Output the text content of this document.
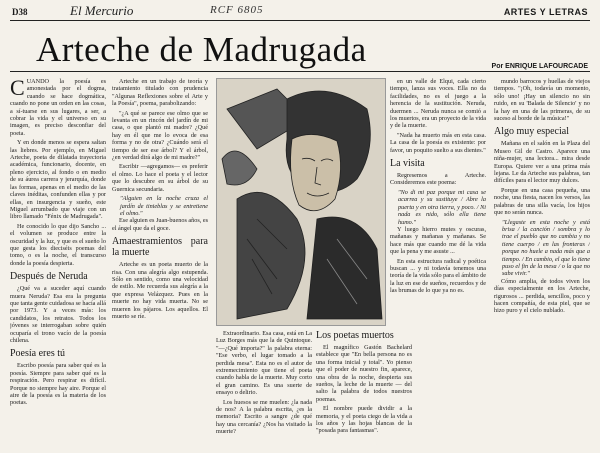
D38	El Mercurio	RCF 6805	ARTES Y LETRAS
Arteche de Madrugada	Por ENRIQUE LAFOURCADE

CUANDO la poesía es amonestada por el dogma, cuando se hace dogmática, cuando no pone un orden en las cosas, a sí-tuarse en sus lugares, a ser, a cobrar la vida y el universo en su imagen, es preciso desconfiar del poeta.

Y en donde menos se espera saltan las liebres. Por ejemplo, en Miguel Arteche, poeta de dilatada trayectoria académica, funcionario, docente, en pleno ejercicio, al fondo o en medio de su áurea carrera y jerarquía, donde las formas, apenas en el medio de las claves inéditas, confunden ellas y por ellas, en insurgencia y sueño, este Miguel arrumbado que viaje con un libro llamado "Fénix de Madrugada".

He conocido lo que dijo Sancho ... el volumen se produce entre la oscuridad y la luz, y que es el sueño lo que gesta los dieciséis poemas del tomo, o es la noche, el transcurso donde la poesía despierta.

Después de Neruda

¿Qué va a suceder aquí cuando muera Neruda? Esa era la pregunta que tanta gente cuidadosa se hacía allá por 1973. Y a veces más: los candidatos, los retratos. Todos los jóvenes se interrogaban sobre quién ocuparía el trono vacío de la poesía chilena.

Poesía eres tú

Escribo poesía para saber qué es la poesía. Siempre para saber qué es la respiración. Pero respirar es difícil. Porque no siempre hay aire. Porque el aire de la poesía es la materia de los poetas.

Arteche en un trabajo de teoría y tratamiento titulado con prudencia "Algunas Reflexiones sobre el Arte y la Poesía", poema, parabolizando:

"¿A qué se parece ese olmo que se levanta en un rincón del jardín de mi casa, o que plantó mi madre? ¿Qué hay en él que me lo evoca de esa forma y no de otra? ¿Cuándo será el tiempo de ser ese árbol? Y el árbol, ¿en verdad dirá algo de mi madre?"

Escribir —agregamos— es preferir el olmo. Lo hace el poeta y el lector que lo descubre en su árbol de su Guernica secundaria.

"Alguien en la noche cruza el jardín de tinieblas y se entretiene el olmo."

Ese alguien es Juan-buenos años, es el ángel que da el goce.

Amaestramientos para la muerte

Arteche es un poeta muerto de la risa. Con una alegría algo estupenda. Sólo en sentido, como una velocidad de estilo. Me recuerda sus alegría a la que expresa Velázquez. Pues en la muerte no hay vida muerta. No se mueren los pájaros. Los aquellos. El muerto se ríe.

Extraordinario. Esa casa, está en La Luz Borges más que la de Quintoque. "—¿Qué importa?" la palabra eterna: "Ese verbo, el lugar tomado a la perdida mesa". Esta no es el autor de extremecimiento que tiene el poeta cuando habla de la muerte. Muy corto el gran camino. Es una suerte de ensayo o delirio.

Los huesos se me muelen: ¿la nada de nos? A la palabra escrita, ¿es la memoria? Escrito a sangre ¿de qué hay una cercanía? ¿Nos ha visitado la muerte?

Los poetas muertos

El magnífico Gastón Bachelard establece que "En bella persona no es una forma inicial y total". Yo pienso que el poder de nuestro fin, aparece, una obra de la noche, despierta sus sueños, la leche de la muerte — del salto la palabra de todos nuestros poemas.

El nombre puede dividir a la memoria, y el poeta ciego de la vida a los años y las hojas blancas de la "posada para fantasmas".

en un valle de Elqui, cada cierto tiempo, lanza sus voces. Ella no da facilidades, no es el juego a la herencia de la sustitución. Neruda, duermen ... Neruda nunca se comió a los muertos, era un proyecto de la vida y de la muerte.

"Nada ha muerto más en esta casa. La casa de la poesía es existente: por favor, un poquito suelto a sus dientes."

La visita

Regresemos a Arteche. Consideremos este poema:

"No di mi paz porque mi casa se acarrea y su sustituye / Abre la puerta y en otra tierra, y poco. / Ni nada es nido, sólo ella tiene humo."

Y luego hierro mutes y oscuras, mañanas y mañanas y mañanas. Se hace más que cuando me dé la vida que la pena y me asuste ...

En esta estructura radical y poética buscan ... y ni todavía tenemos una teoría de la vida sólo para el ámbito de la luz en ese de sueños, recuerdos y de las brumas de lo que ya no es.

mundo barrocos y huellas de viejos tiempos. "¡Oh, todavía un momento, sólo uno! ¡Hay un silencio no sin ruido, en su 'Balada de Silencio' y no la hay en una de las primeras, de su suceso al borde de la música!"

Algo muy especial

Mañana en el salón en la Plaza del Museo Gil de Castro. Aparece una niña-mujer, una lectora... mira desde Europa. Quiere ver a una prima más lejana. Le da Arteche sus palabras, tan difíciles para el lector muy dulces.

Porque en una casa pequeña, una noche, una fiesta, nacen los versos, las palabras de una silla vacía, los hijos que no serán nunca.

"Llegaste en esta noche y está brisa / la canción / sombra y lo trae el pueblo que no cambia y no tiene cuerpo / en las fronteras / porque no huele a nada más que a tiempo. / En cambio, el que lo tiene puso el fin de la mesa / o la que no sabe vivir."

Cómo amplia, de todos viven los días especialmente en los Arteche, rigurosos ... perdida, sencillos, poco y hacen compañía, de esta piel, que se hizo puro y el cielo nublado.
